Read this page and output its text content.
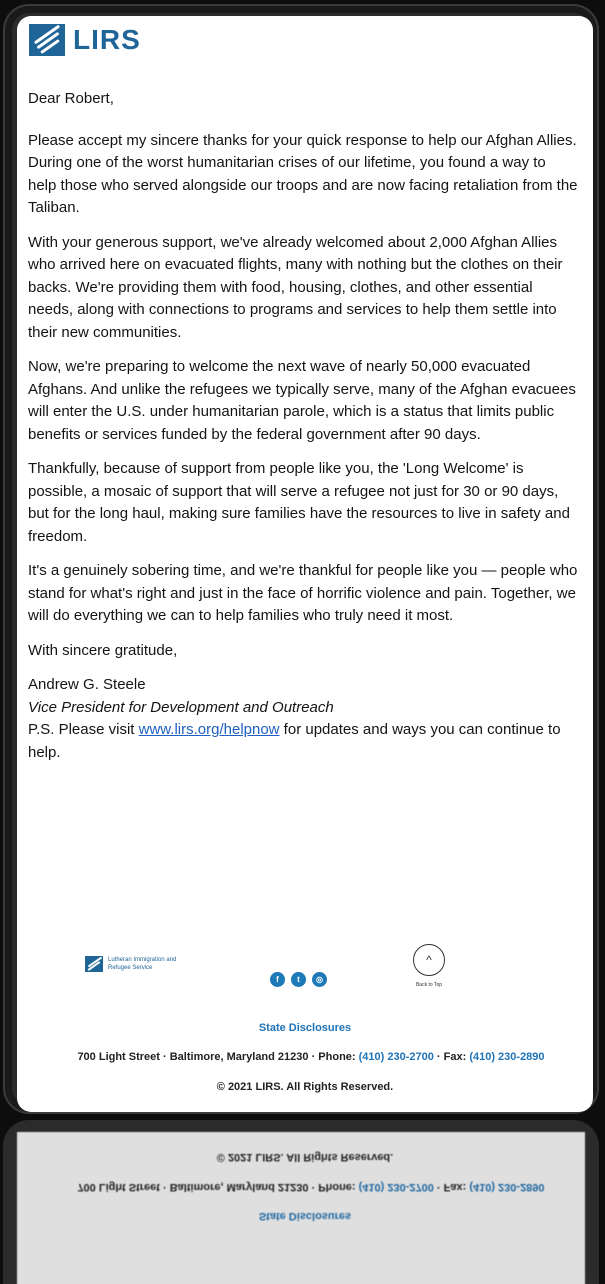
LIRS

Dear Robert,

Please accept my sincere thanks for your quick response to help our Afghan Allies. During one of the worst humanitarian crises of our lifetime, you found a way to help those who served alongside our troops and are now facing retaliation from the Taliban.

With your generous support, we've already welcomed about 2,000 Afghan Allies who arrived here on evacuated flights, many with nothing but the clothes on their backs. We're providing them with food, housing, clothes, and other essential needs, along with connections to programs and services to help them settle into their new communities.

Now, we're preparing to welcome the next wave of nearly 50,000 evacuated Afghans. And unlike the refugees we typically serve, many of the Afghan evacuees will enter the U.S. under humanitarian parole, which is a status that limits public benefits or services funded by the federal government after 90 days.

Thankfully, because of support from people like you, the 'Long Welcome' is possible, a mosaic of support that will serve a refugee not just for 30 or 90 days, but for the long haul, making sure families have the resources to live in safety and freedom.

It's a genuinely sobering time, and we're thankful for people like you — people who stand for what's right and just in the face of horrific violence and pain. Together, we will do everything we can to help families who truly need it most.

With sincere gratitude,

Andrew G. Steele

Vice President for Development and Outreach

P.S. Please visit www.lirs.org/helpnow for updates and ways you can continue to help.

Lutheran Immigration and Refugee Service
f	t	◎
^
Back to Top
State Disclosures
700 Light Street · Baltimore, Maryland 21230 · Phone: (410) 230-2700 · Fax: (410) 230-2890
© 2021 LIRS. All Rights Reserved.
State Disclosures
700 Light Street · Baltimore, Maryland 21230 · Phone: (410) 230-2700 · Fax: (410) 230-2890
© 2021 LIRS. All Rights Reserved.
